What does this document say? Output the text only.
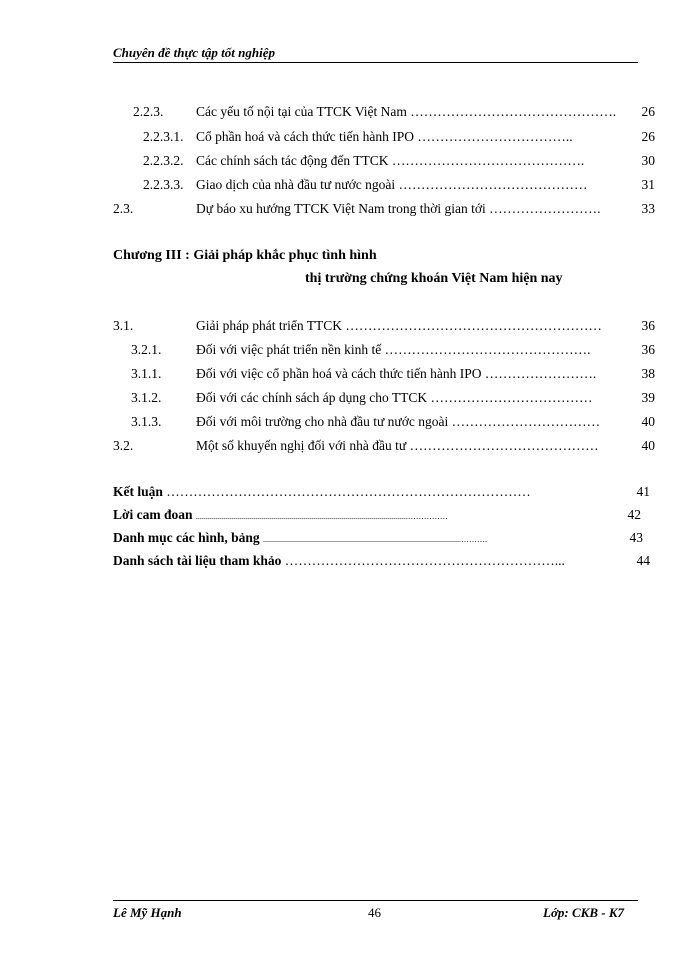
Chuyên đề thực tập tốt nghiệp
2.2.3. Các yếu tố nội tại của TTCK Việt Nam ………………………………………. 26
2.2.3.1. Cổ phần hoá và cách thức tiến hành IPO ……………………………..	26
2.2.3.2. Các chính sách tác động đến TTCK …………………………………….	30
2.2.3.3. Giao dịch của nhà đầu tư nước ngoài ……………………………………	31
2.3.	Dự báo xu hướng TTCK Việt Nam trong thời gian tới …………………….	33
Chương III : Giải pháp khắc phục tình hình
thị trường chứng khoán Việt Nam hiện nay
3.1.	Giải pháp phát triển TTCK …………………………………………………	36
3.2.1.	Đối với việc phát triển nền kinh tế ……………………………………….	36
3.1.1.	Đối với việc cổ phần hoá và cách thức tiến hành IPO …………………….	38
3.1.2.	Đối với các chính sách áp dụng cho TTCK ………………………………	39
3.1.3.	Đối với môi trường cho nhà đầu tư nước ngoài ……………………………	40
3.2.	Một số khuyến nghị đối với nhà đầu tư ……………………………………	40
Kết luận ………………………………………………………………………	41
Lời cam đoan ..........................................................................................................……………	42
Danh mục các hình, bảng ...................................................................................................……….	43
Danh sách tài liệu tham khảo ……………………………………………………...	44
Lê Mỹ Hạnh	46	Lớp: CKB - K7
